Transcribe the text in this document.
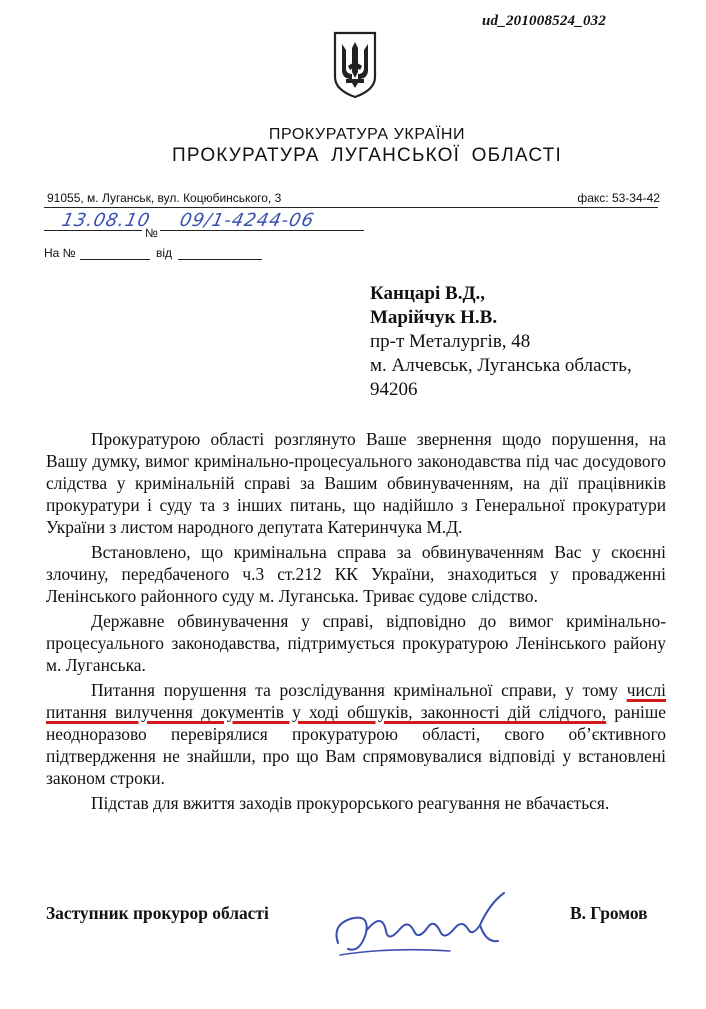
ud_201008524_032
ПРОКУРАТУРА УКРАЇНИ
ПРОКУРАТУРА ЛУГАНСЬКОЇ ОБЛАСТІ
91055, м. Луганськ, вул. Коцюбинського, 3	факс: 53-34-42
13.08.10
№
09/1-4244-06
На №	від
Канцарі В.Д.,
Марійчук Н.В.
пр-т Металургів, 48
м. Алчевськ, Луганська область,
94206

Прокуратурою області розглянуто Ваше звернення щодо порушення, на Вашу думку, вимог кримінально-процесуального законодавства під час досудового слідства у кримінальній справі за Вашим обвинуваченням, на дії працівників прокуратури і суду та з інших питань, що надійшло з Генеральної прокуратури України з листом народного депутата Катеринчука М.Д.

Встановлено, що кримінальна справа за обвинуваченням Вас у скоєнні злочину, передбаченого ч.3 ст.212 КК України, знаходиться у провадженні Ленінського районного суду м. Луганська. Триває судове слідство.

Державне обвинувачення у справі, відповідно до вимог кримінально-процесуального законодавства, підтримується прокуратурою Ленінського району м. Луганська.

Питання порушення та розслідування кримінальної справи, у тому числі питання вилучення документів у ході обшуків, законності дій слідчого, раніше неодноразово перевірялися прокуратурою області, свого об’єктивного підтвердження не знайшли, про що Вам спрямовувалися відповіді у встановлені законом строки.

Підстав для вжиття заходів прокурорського реагування не вбачається.

Заступник прокурор області	В. Громов
